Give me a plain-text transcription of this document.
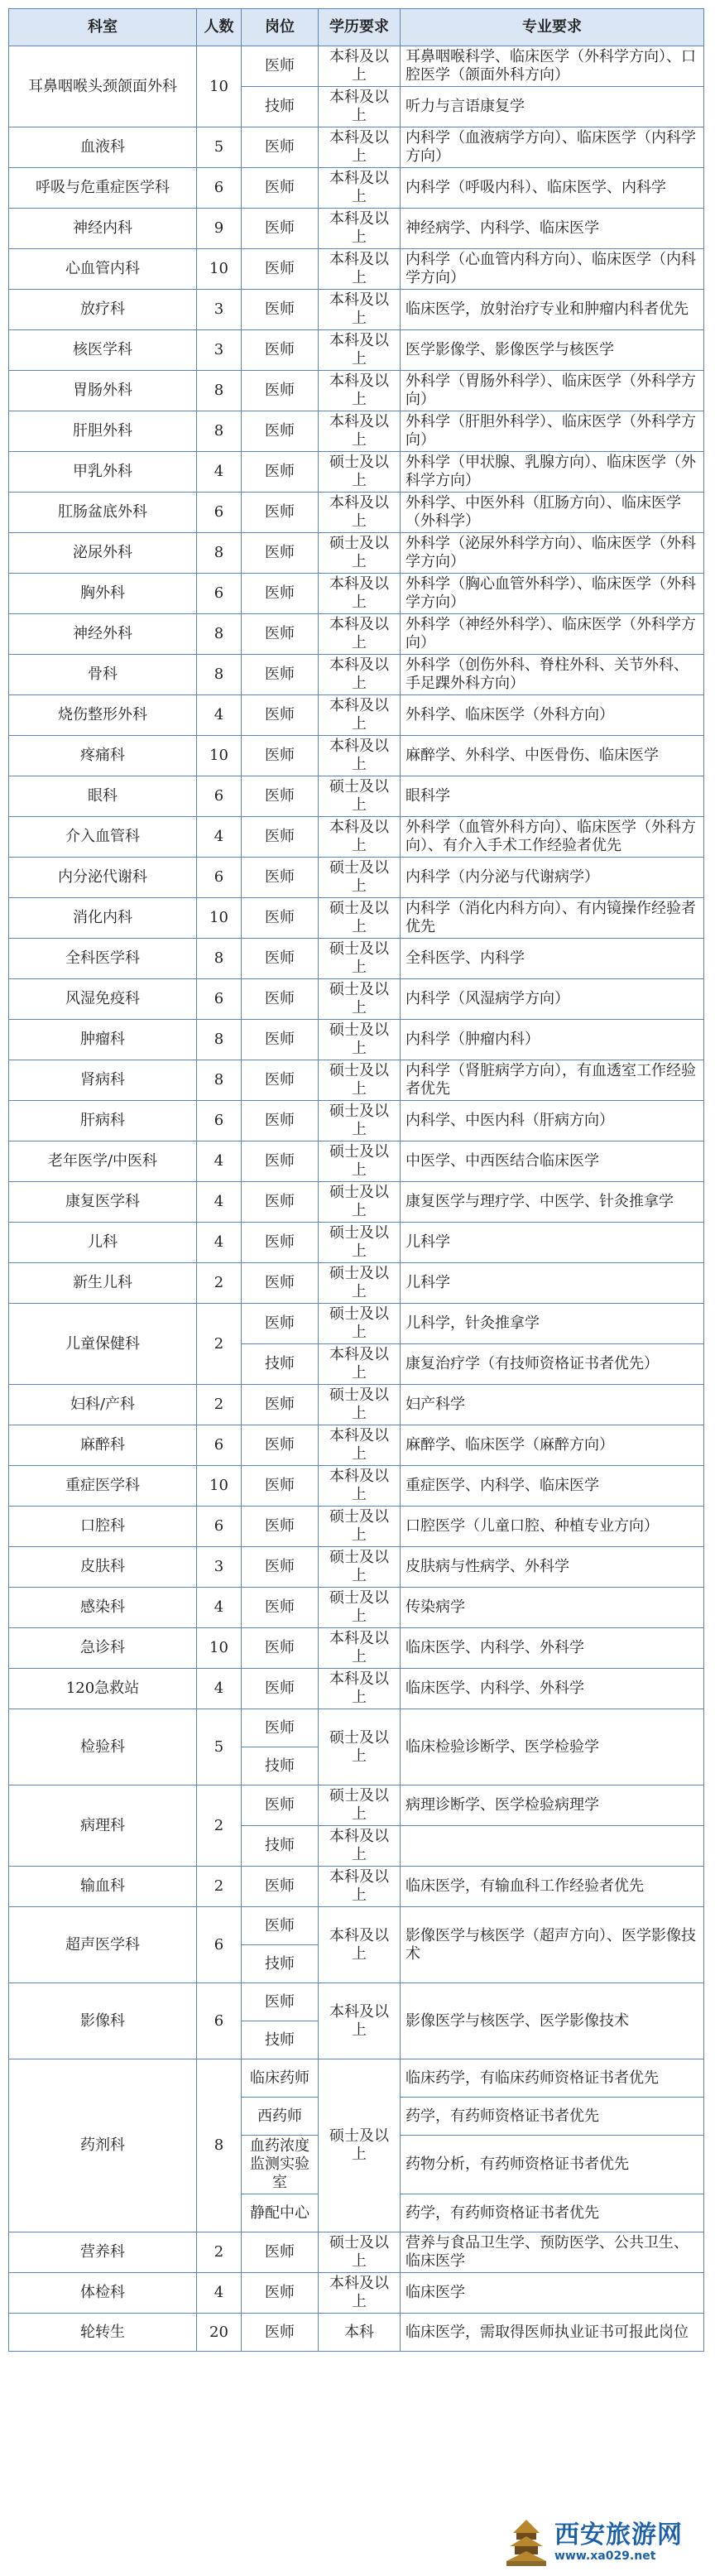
科室	人数	岗位	学历要求	专业要求
耳鼻咽喉头颈颌面外科	10	医师	本科及以上	耳鼻咽喉科学、临床医学（外科学方向）、口腔医学（颌面外科方向）
		技师	本科及以上	听力与言语康复学
血液科	5	医师	本科及以上	内科学（血液病学方向）、临床医学（内科学方向）
呼吸与危重症医学科	6	医师	本科及以上	内科学（呼吸内科）、临床医学、内科学
神经内科	9	医师	本科及以上	神经病学、内科学、临床医学
心血管内科	10	医师	本科及以上	内科学（心血管内科方向）、临床医学（内科学方向）
放疗科	3	医师	本科及以上	临床医学，放射治疗专业和肿瘤内科者优先
核医学科	3	医师	本科及以上	医学影像学、影像医学与核医学
胃肠外科	8	医师	本科及以上	外科学（胃肠外科学）、临床医学（外科学方向）
肝胆外科	8	医师	本科及以上	外科学（肝胆外科学）、临床医学（外科学方向）
甲乳外科	4	医师	硕士及以上	外科学（甲状腺、乳腺方向）、临床医学（外科学方向）
肛肠盆底外科	6	医师	本科及以上	外科学、中医外科（肛肠方向）、临床医学（外科学）
泌尿外科	8	医师	硕士及以上	外科学（泌尿外科学方向）、临床医学（外科学方向）
胸外科	6	医师	本科及以上	外科学（胸心血管外科学）、临床医学（外科学方向）
神经外科	8	医师	本科及以上	外科学（神经外科学）、临床医学（外科学方向）
骨科	8	医师	本科及以上	外科学（创伤外科、脊柱外科、关节外科、手足踝外科方向）
烧伤整形外科	4	医师	本科及以上	外科学、临床医学（外科方向）
疼痛科	10	医师	本科及以上	麻醉学、外科学、中医骨伤、临床医学
眼科	6	医师	硕士及以上	眼科学
介入血管科	4	医师	本科及以上	外科学（血管外科方向）、临床医学（外科方向）、有介入手术工作经验者优先
内分泌代谢科	6	医师	硕士及以上	内科学（内分泌与代谢病学）
消化内科	10	医师	硕士及以上	内科学（消化内科方向）、有内镜操作经验者优先
全科医学科	8	医师	硕士及以上	全科医学、内科学
风湿免疫科	6	医师	硕士及以上	内科学（风湿病学方向）
肿瘤科	8	医师	硕士及以上	内科学（肿瘤内科）
肾病科	8	医师	硕士及以上	内科学（肾脏病学方向），有血透室工作经验者优先
肝病科	6	医师	硕士及以上	内科学、中医内科（肝病方向）
老年医学/中医科	4	医师	硕士及以上	中医学、中西医结合临床医学
康复医学科	4	医师	硕士及以上	康复医学与理疗学、中医学、针灸推拿学
儿科	4	医师	硕士及以上	儿科学
新生儿科	2	医师	硕士及以上	儿科学
儿童保健科	2	医师	硕士及以上	儿科学，针灸推拿学
		技师	本科及以上	康复治疗学（有技师资格证书者优先）
妇科/产科	2	医师	硕士及以上	妇产科学
麻醉科	6	医师	本科及以上	麻醉学、临床医学（麻醉方向）
重症医学科	10	医师	本科及以上	重症医学、内科学、临床医学
口腔科	6	医师	硕士及以上	口腔医学（儿童口腔、种植专业方向）
皮肤科	3	医师	硕士及以上	皮肤病与性病学、外科学
感染科	4	医师	硕士及以上	传染病学
急诊科	10	医师	本科及以上	临床医学、内科学、外科学
120急救站	4	医师	本科及以上	临床医学、内科学、外科学
检验科	5	医师	硕士及以上	临床检验诊断学、医学检验学
		技师		
病理科	2	医师	硕士及以上	病理诊断学、医学检验病理学
		技师	本科及以上	
输血科	2	医师	本科及以上	临床医学，有输血科工作经验者优先
超声医学科	6	医师	本科及以上	影像医学与核医学（超声方向）、医学影像技术
		技师		
影像科	6	医师	本科及以上	影像医学与核医学、医学影像技术
		技师		
药剂科	8	临床药师	硕士及以上	临床药学，有临床药师资格证书者优先
		西药师		药学，有药师资格证书者优先
		血药浓度监测实验室		药物分析，有药师资格证书者优先
		静配中心		药学，有药师资格证书者优先
营养科	2	医师	硕士及以上	营养与食品卫生学、预防医学、公共卫生、临床医学
体检科	4	医师	本科及以上	临床医学
轮转生	20	医师	本科	临床医学，需取得医师执业证书可报此岗位
西安旅游网
www.xa029.net
